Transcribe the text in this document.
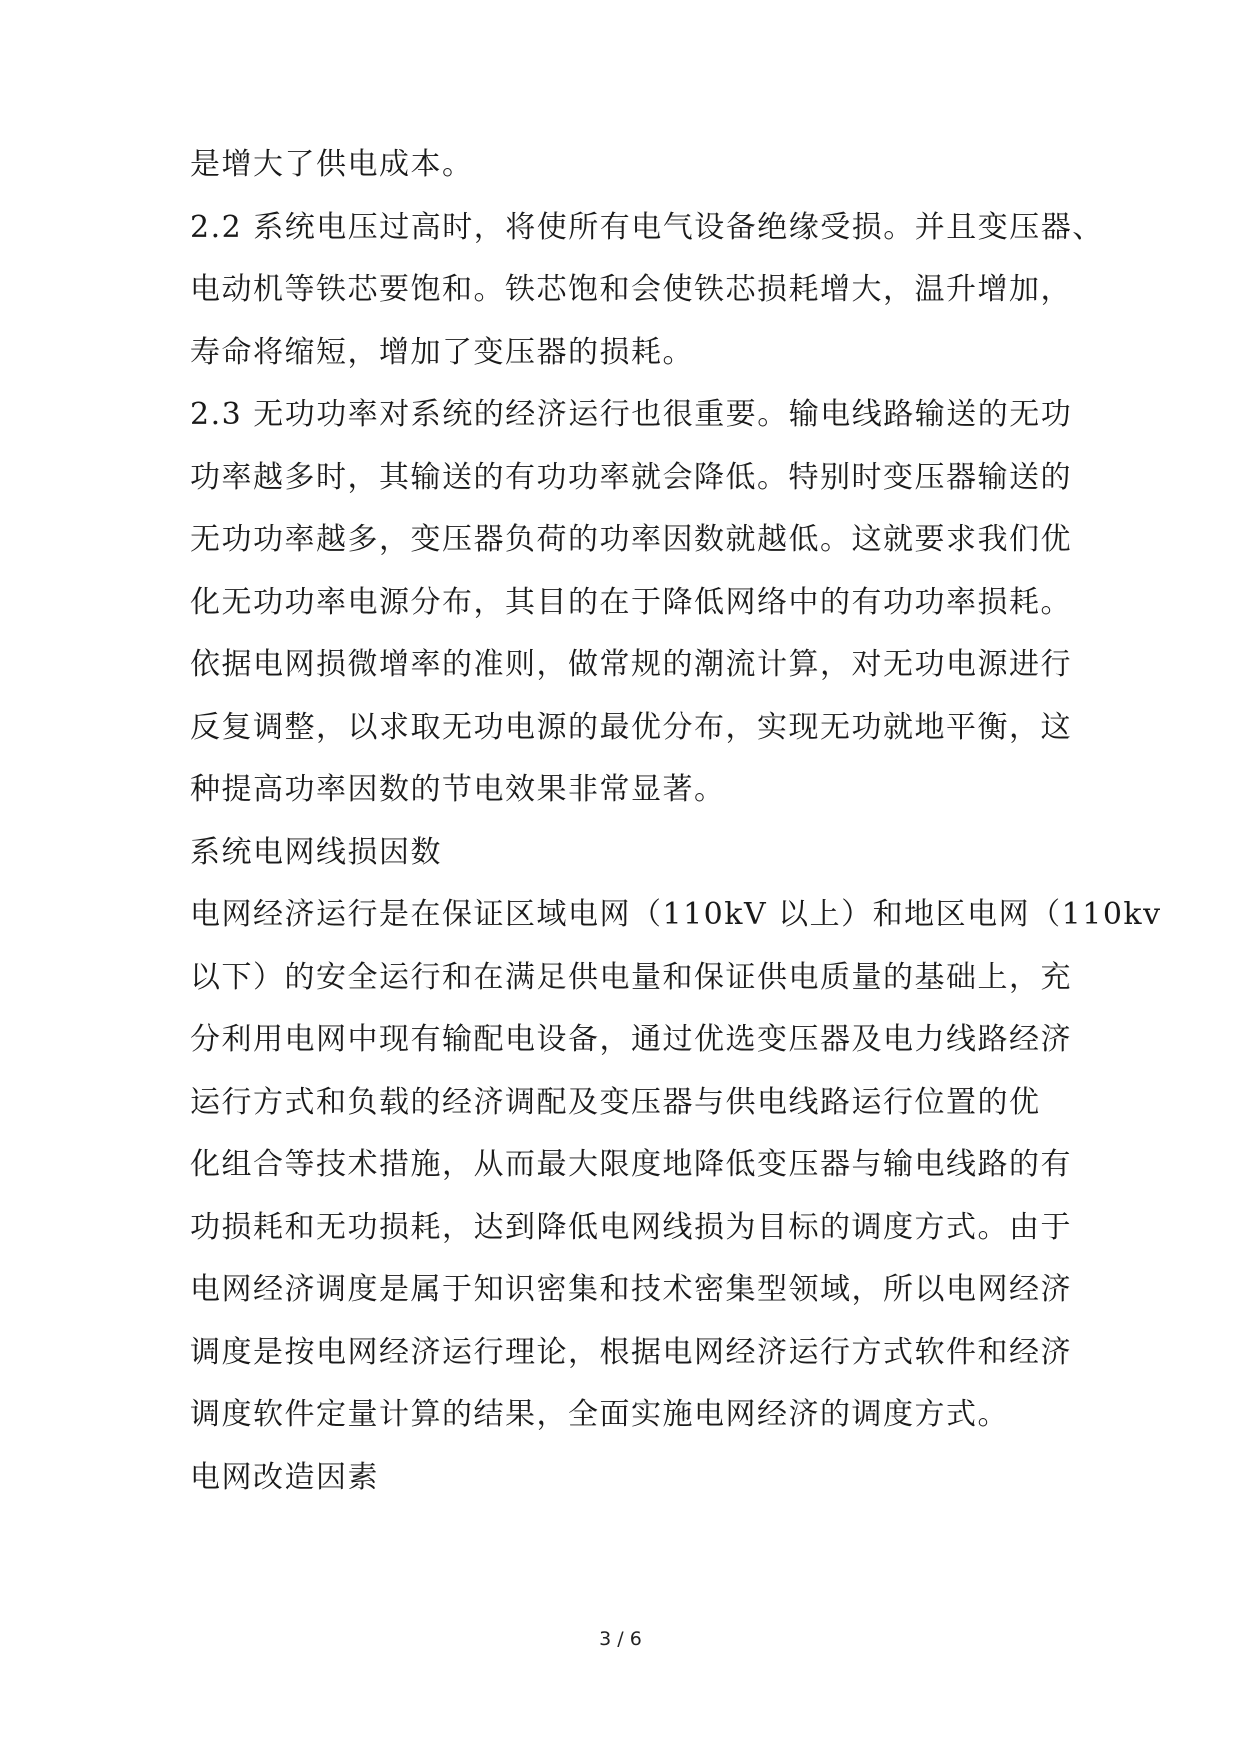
是增大了供电成本。
2.2 系统电压过高时，将使所有电气设备绝缘受损。并且变压器、
电动机等铁芯要饱和。铁芯饱和会使铁芯损耗增大，温升增加，
寿命将缩短，增加了变压器的损耗。
2.3 无功功率对系统的经济运行也很重要。输电线路输送的无功
功率越多时，其输送的有功功率就会降低。特别时变压器输送的
无功功率越多，变压器负荷的功率因数就越低。这就要求我们优
化无功功率电源分布，其目的在于降低网络中的有功功率损耗。
依据电网损微增率的准则，做常规的潮流计算，对无功电源进行
反复调整，以求取无功电源的最优分布，实现无功就地平衡，这
种提高功率因数的节电效果非常显著。
系统电网线损因数
电网经济运行是在保证区域电网（110kV 以上）和地区电网（110kv
以下）的安全运行和在满足供电量和保证供电质量的基础上，充
分利用电网中现有输配电设备，通过优选变压器及电力线路经济
运行方式和负载的经济调配及变压器与供电线路运行位置的优
化组合等技术措施，从而最大限度地降低变压器与输电线路的有
功损耗和无功损耗，达到降低电网线损为目标的调度方式。由于
电网经济调度是属于知识密集和技术密集型领域，所以电网经济
调度是按电网经济运行理论，根据电网经济运行方式软件和经济
调度软件定量计算的结果，全面实施电网经济的调度方式。
电网改造因素
3 / 6
